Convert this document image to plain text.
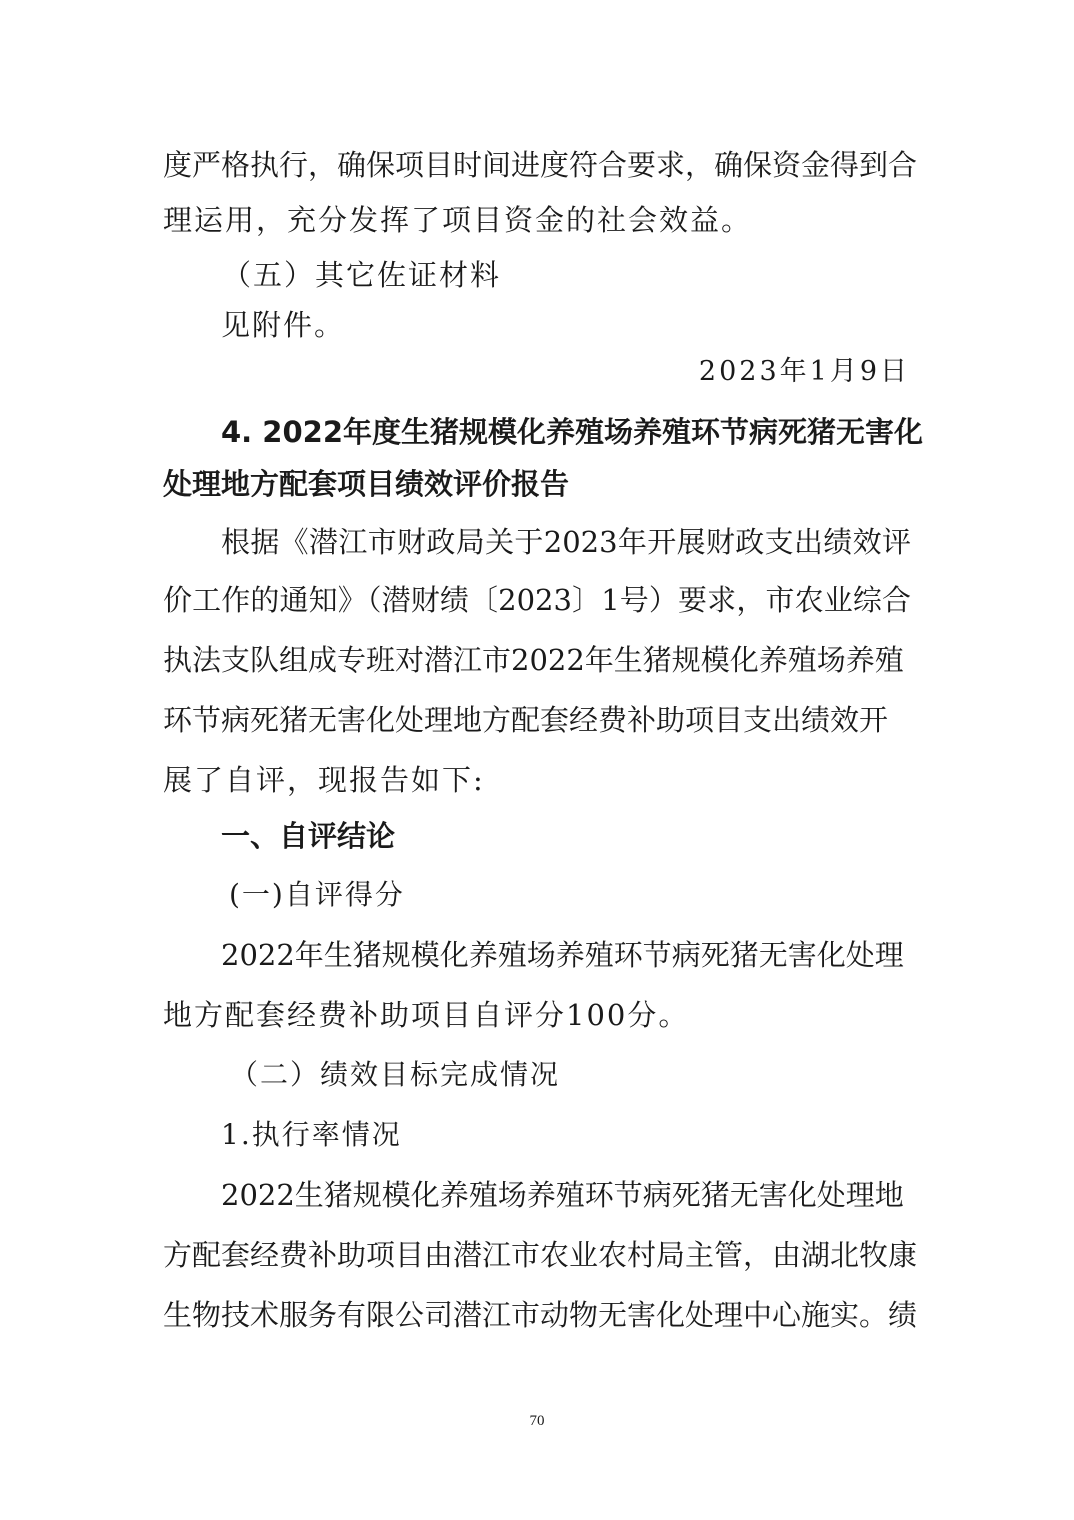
度严格执行，确保项目时间进度符合要求，确保资金得到合
理运用，充分发挥了项目资金的社会效益。
（五）其它佐证材料
见附件。
2023年1月9日
4. 2022年度生猪规模化养殖场养殖环节病死猪无害化
处理地方配套项目绩效评价报告
根据《潜江市财政局关于2023年开展财政支出绩效评
价工作的通知》（潜财绩〔2023〕1号）要求，市农业综合
执法支队组成专班对潜江市2022年生猪规模化养殖场养殖
环节病死猪无害化处理地方配套经费补助项目支出绩效开
展了自评，现报告如下:
一、自评结论
(一)自评得分
2022年生猪规模化养殖场养殖环节病死猪无害化处理
地方配套经费补助项目自评分100分。
（二）绩效目标完成情况
1.执行率情况
2022生猪规模化养殖场养殖环节病死猪无害化处理地
方配套经费补助项目由潜江市农业农村局主管，由湖北牧康
生物技术服务有限公司潜江市动物无害化处理中心施实。绩
70
